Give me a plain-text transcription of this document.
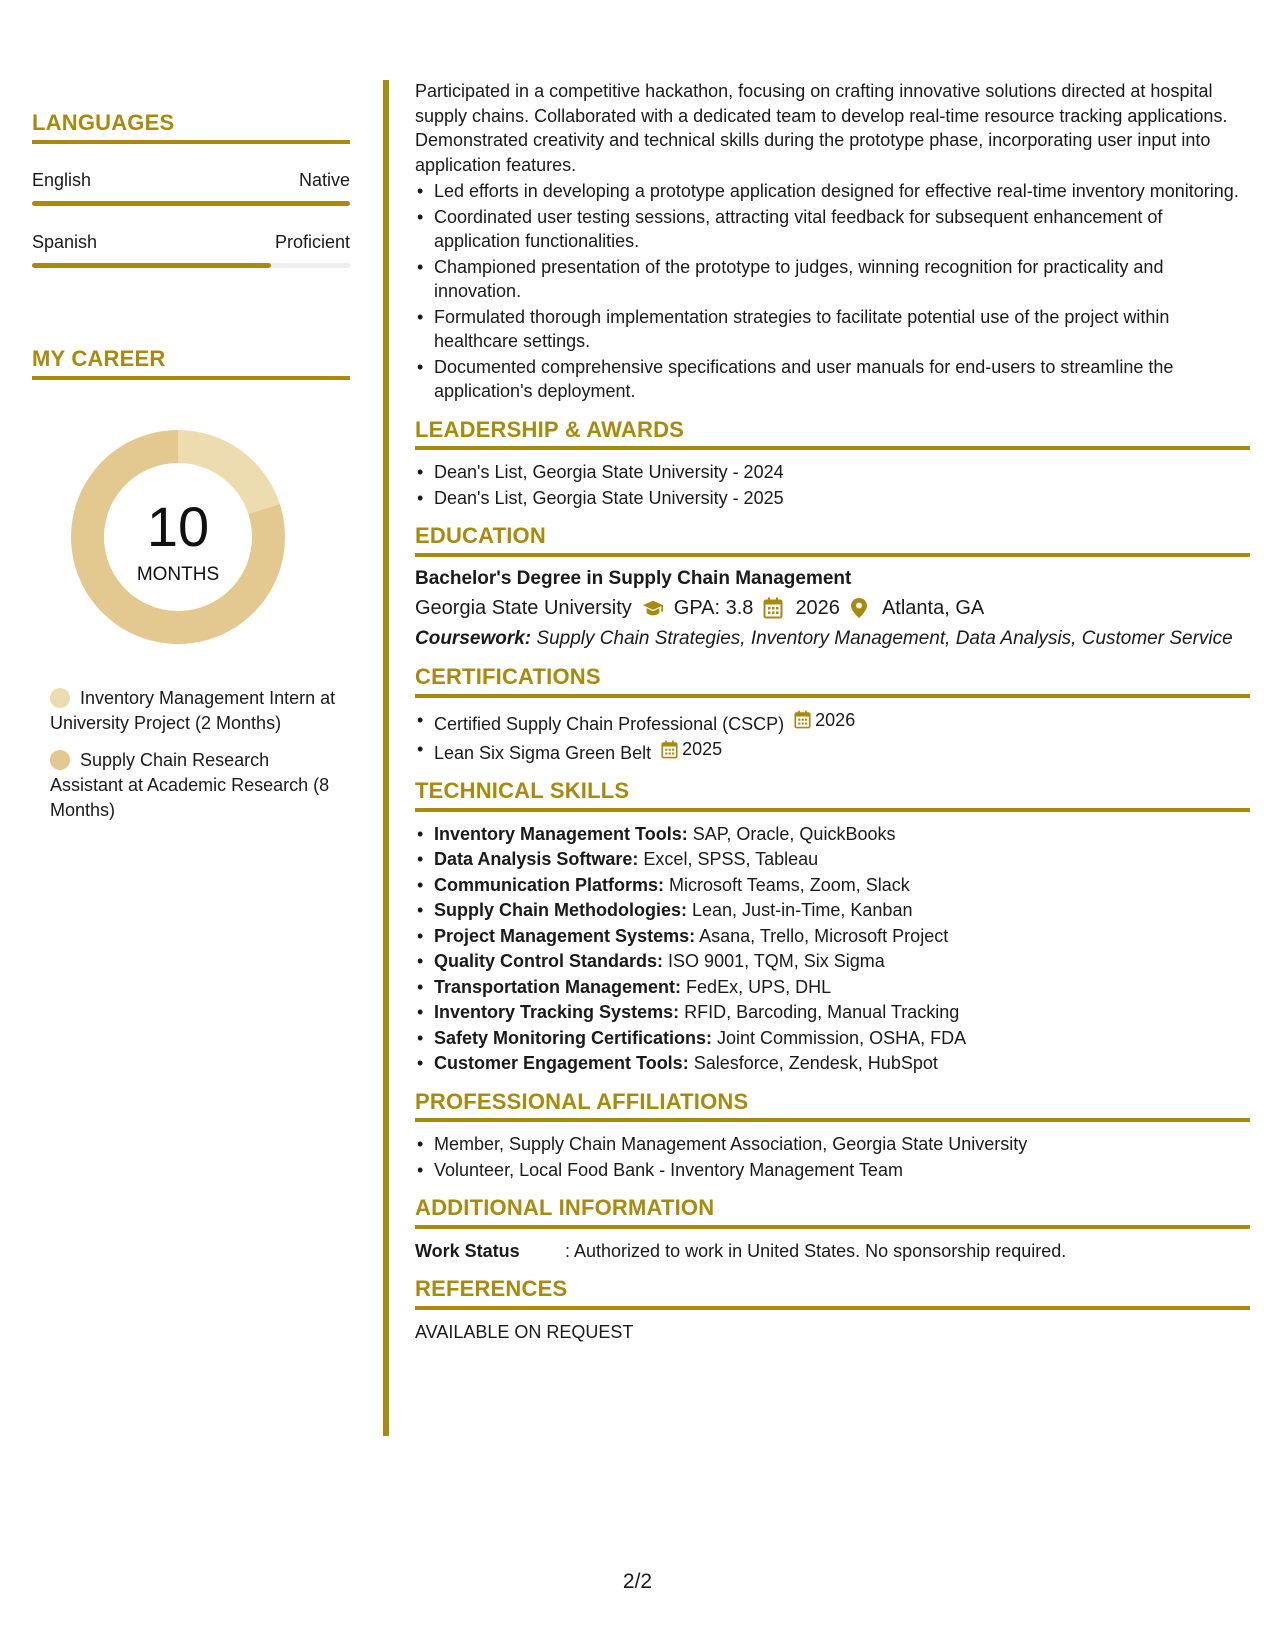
LANGUAGES
English	Native
Spanish	Proficient
MY CAREER
10
MONTHS
Inventory Management Intern at University Project (2 Months)
Supply Chain Research Assistant at Academic Research (8 Months)

Participated in a competitive hackathon, focusing on crafting innovative solutions directed at hospital supply chains. Collaborated with a dedicated team to develop real-time resource tracking applications. Demonstrated creativity and technical skills during the prototype phase, incorporating user input into application features.

• Led efforts in developing a prototype application designed for effective real-time inventory monitoring.
• Coordinated user testing sessions, attracting vital feedback for subsequent enhancement of application functionalities.
• Championed presentation of the prototype to judges, winning recognition for practicality and innovation.
• Formulated thorough implementation strategies to facilitate potential use of the project within healthcare settings.
• Documented comprehensive specifications and user manuals for end-users to streamline the application's deployment.
LEADERSHIP & AWARDS
• Dean's List, Georgia State University - 2024
• Dean's List, Georgia State University - 2025
EDUCATION
Bachelor's Degree in Supply Chain Management
Georgia State University GPA: 3.8 2026 Atlanta, GA
Coursework: Supply Chain Strategies, Inventory Management, Data Analysis, Customer Service
CERTIFICATIONS
• Certified Supply Chain Professional (CSCP) 2026
• Lean Six Sigma Green Belt 2025
TECHNICAL SKILLS
• Inventory Management Tools: SAP, Oracle, QuickBooks
• Data Analysis Software: Excel, SPSS, Tableau
• Communication Platforms: Microsoft Teams, Zoom, Slack
• Supply Chain Methodologies: Lean, Just-in-Time, Kanban
• Project Management Systems: Asana, Trello, Microsoft Project
• Quality Control Standards: ISO 9001, TQM, Six Sigma
• Transportation Management: FedEx, UPS, DHL
• Inventory Tracking Systems: RFID, Barcoding, Manual Tracking
• Safety Monitoring Certifications: Joint Commission, OSHA, FDA
• Customer Engagement Tools: Salesforce, Zendesk, HubSpot
PROFESSIONAL AFFILIATIONS
• Member, Supply Chain Management Association, Georgia State University
• Volunteer, Local Food Bank - Inventory Management Team
ADDITIONAL INFORMATION
Work Status	: Authorized to work in United States. No sponsorship required.
REFERENCES
AVAILABLE ON REQUEST
2/2
